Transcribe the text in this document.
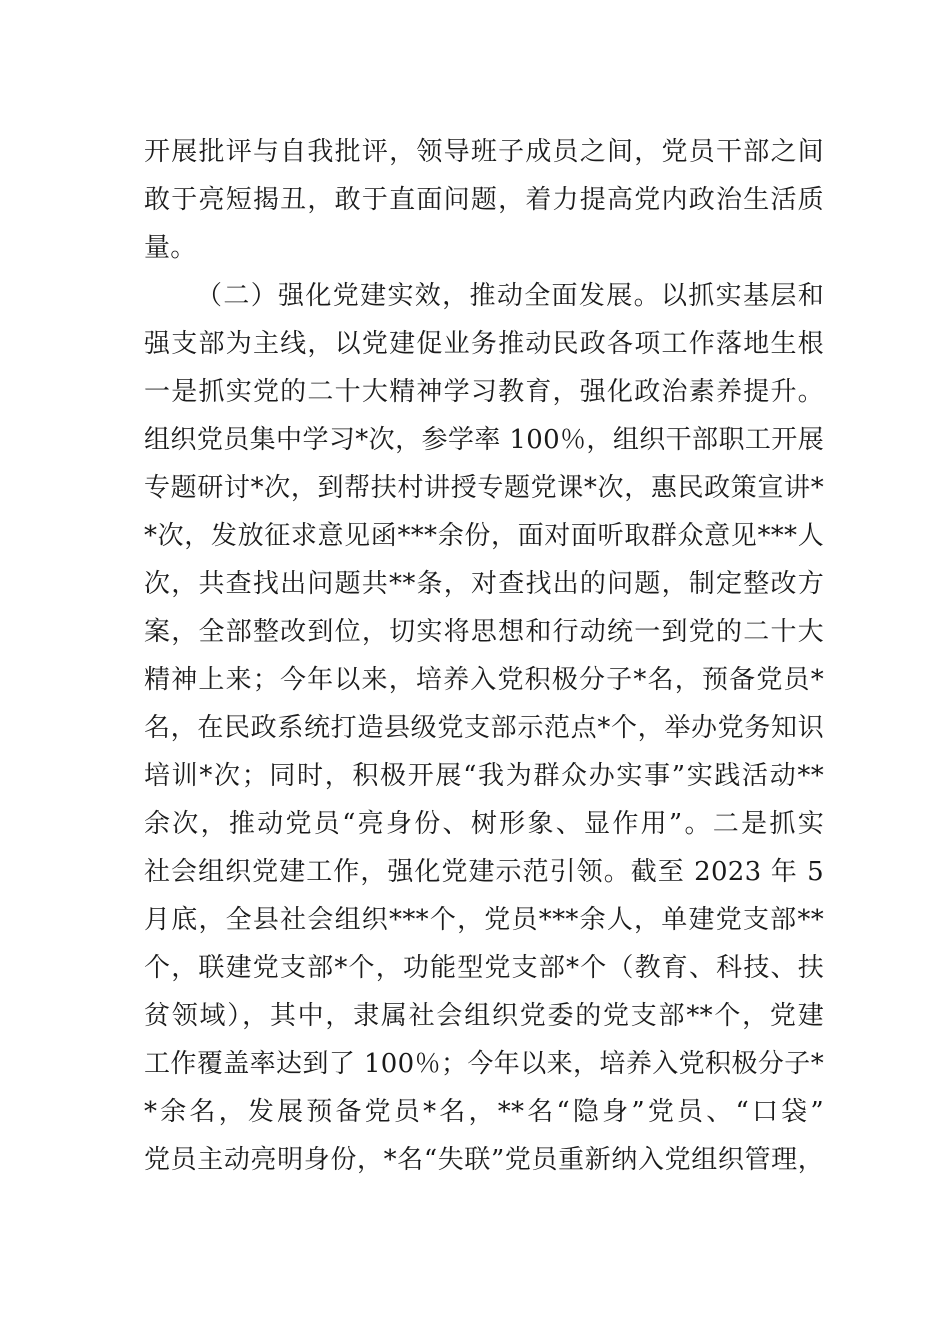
开展批评与自我批评，领导班子成员之间，党员干部之间
敢于亮短揭丑，敢于直面问题，着力提高党内政治生活质
量。
（二）强化党建实效，推动全面发展。以抓实基层和
强支部为主线，以党建促业务推动民政各项工作落地生根
一是抓实党的二十大精神学习教育，强化政治素养提升。
组织党员集中学习*次，参学率 100％，组织干部职工开展
专题研讨*次，到帮扶村讲授专题党课*次，惠民政策宣讲*
*次，发放征求意见函***余份，面对面听取群众意见***人
次，共查找出问题共**条，对查找出的问题，制定整改方
案，全部整改到位，切实将思想和行动统一到党的二十大
精神上来；今年以来，培养入党积极分子*名，预备党员*
名，在民政系统打造县级党支部示范点*个，举办党务知识
培训*次；同时，积极开展“我为群众办实事”实践活动**
余次，推动党员“亮身份、树形象、显作用”。二是抓实
社会组织党建工作，强化党建示范引领。截至 2023 年 5
月底，全县社会组织***个，党员***余人，单建党支部**
个，联建党支部*个，功能型党支部*个（教育、科技、扶
贫领域），其中，隶属社会组织党委的党支部**个，党建
工作覆盖率达到了 100％；今年以来，培养入党积极分子*
*余名，发展预备党员*名，**名“隐身”党员、“口袋”
党员主动亮明身份，*名“失联”党员重新纳入党组织管理，
